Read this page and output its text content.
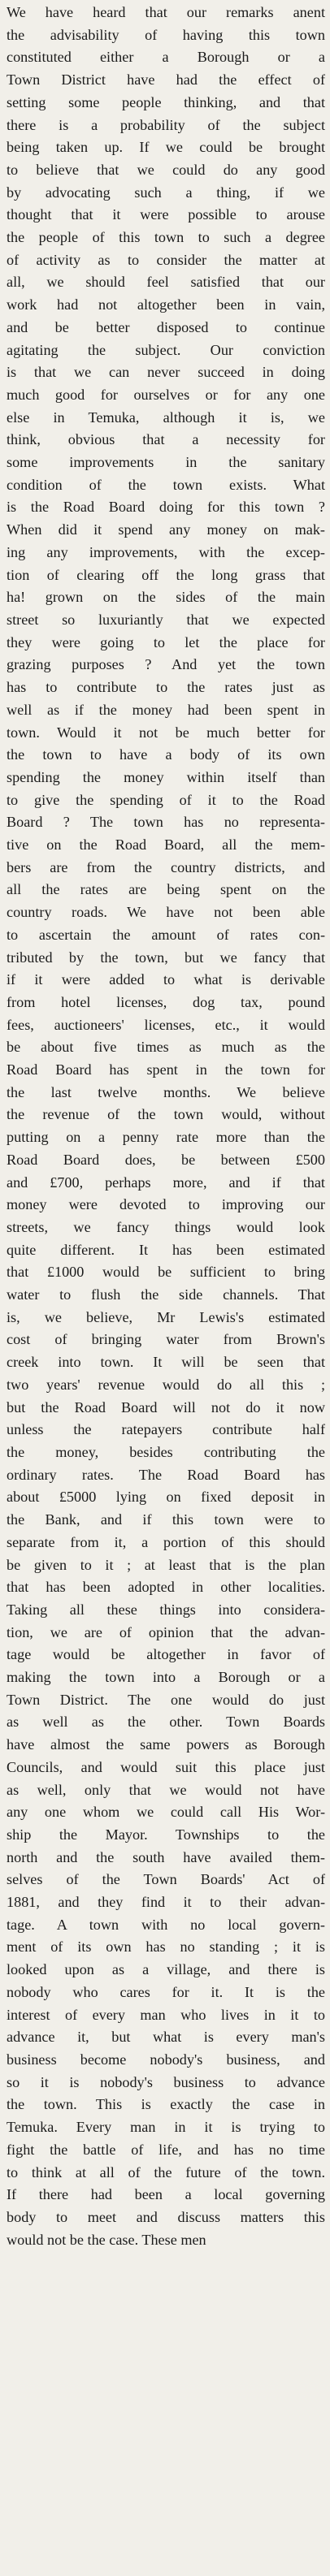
We have heard that our remarks anent
the advisability of having this town
constituted either a Borough or a
Town District have had the effect of
setting some people thinking, and that
there is a probability of the subject
being taken up. If we could be brought
to believe that we could do any good
by advocating such a thing, if we
thought that it were possible to arouse
the people of this town to such a degree
of activity as to consider the matter at
all, we should feel satisfied that our
work had not altogether been in vain,
and be better disposed to continue
agitating the subject. Our conviction
is that we can never succeed in doing
much good for ourselves or for any one
else in Temuka, although it is, we
think, obvious that a necessity for
some improvements in the sanitary
condition of the town exists. What
is the Road Board doing for this town ?
When did it spend any money on mak-
ing any improvements, with the excep-
tion of clearing off the long grass that
ha! grown on the sides of the main
street so luxuriantly that we expected
they were going to let the place for
grazing purposes ? And yet the town
has to contribute to the rates just as
well as if the money had been spent in
town. Would it not be much better for
the town to have a body of its own
spending the money within itself than
to give the spending of it to the Road
Board ? The town has no representa-
tive on the Road Board, all the mem-
bers are from the country districts, and
all the rates are being spent on the
country roads. We have not been able
to ascertain the amount of rates con-
tributed by the town, but we fancy that
if it were added to what is derivable
from hotel licenses, dog tax, pound
fees, auctioneers' licenses, etc., it would
be about five times as much as the
Road Board has spent in the town for
the last twelve months. We believe
the revenue of the town would, without
putting on a penny rate more than the
Road Board does, be between £500
and £700, perhaps more, and if that
money were devoted to improving our
streets, we fancy things would look
quite different. It has been estimated
that £1000 would be sufficient to bring
water to flush the side channels. That
is, we believe, Mr Lewis's estimated
cost of bringing water from Brown's
creek into town. It will be seen that
two years' revenue would do all this ;
but the Road Board will not do it now
unless the ratepayers contribute half
the money, besides contributing the
ordinary rates. The Road Board has
about £5000 lying on fixed deposit in
the Bank, and if this town were to
separate from it, a portion of this should
be given to it ; at least that is the plan
that has been adopted in other localities.
Taking all these things into considera-
tion, we are of opinion that the advan-
tage would be altogether in favor of
making the town into a Borough or a
Town District. The one would do just
as well as the other. Town Boards
have almost the same powers as Borough
Councils, and would suit this place just
as well, only that we would not have
any one whom we could call His Wor-
ship the Mayor. Townships to the
north and the south have availed them-
selves of the Town Boards' Act of
1881, and they find it to their advan-
tage. A town with no local govern-
ment of its own has no standing ; it is
looked upon as a village, and there is
nobody who cares for it. It is the
interest of every man who lives in it to
advance it, but what is every man's
business become nobody's business, and
so it is nobody's business to advance
the town. This is exactly the case in
Temuka. Every man in it is trying to
fight the battle of life, and has no time
to think at all of the future of the town.
If there had been a local governing
body to meet and discuss matters this
would not be the case. These men
